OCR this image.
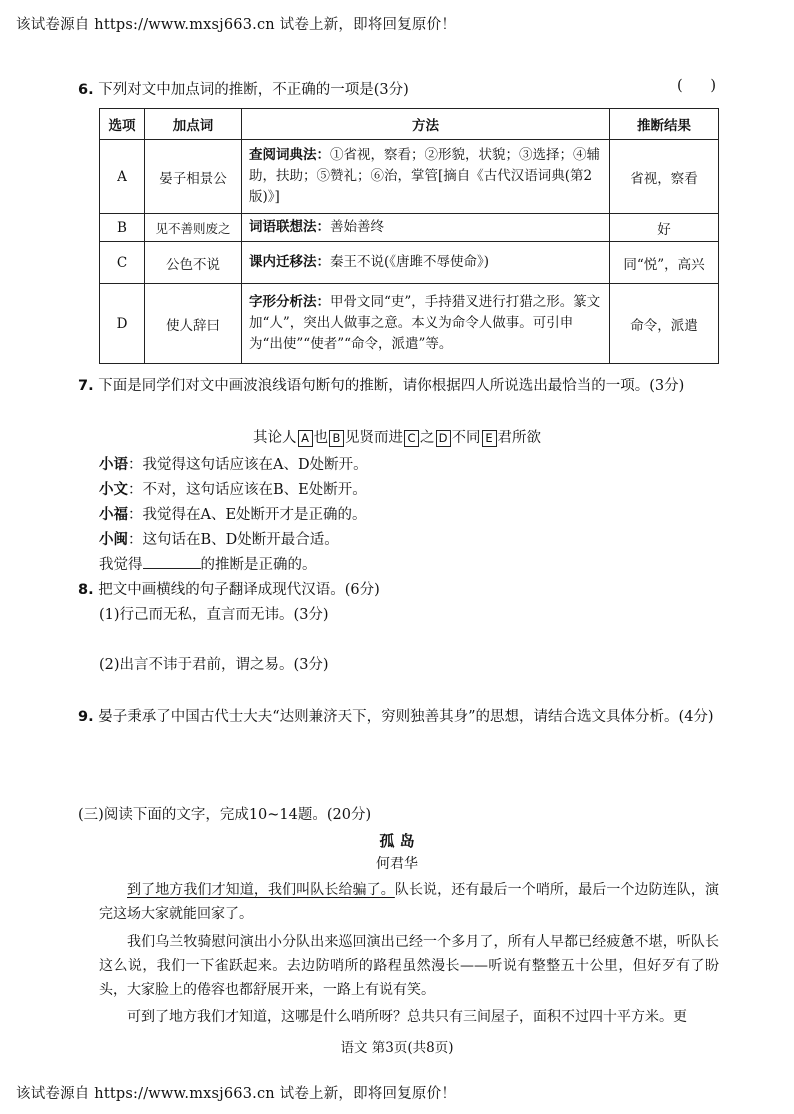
该试卷源自 https://www.mxsj663.cn 试卷上新，即将回复原价！
6. 下列对文中加点词的推断，不正确的一项是(3分)	(      )
选项	加点词	方法	推断结果
A	晏子相景公	查阅词典法：①省视，察看；②形貌，状貌；③选择；④辅助，扶助；⑤赞礼；⑥治，掌管[摘自《古代汉语词典(第2版)》]	省视，察看
B	见不善则废之	词语联想法：善始善终	好
C	公色不说	课内迁移法：秦王不说(《唐雎不辱使命》)	同“悦”，高兴
D	使人辞曰	字形分析法：甲骨文同“吏”，手持猎叉进行打猎之形。篆文加“人”，突出人做事之意。本义为命令人做事。可引申为“出使”“使者”“命令，派遣”等。	命令，派遣
7. 下面是同学们对文中画波浪线语句断句的推断，请你根据四人所说选出最恰当的一项。(3分)
其论人 A 也 B 见贤而进 C 之 D 不同 E 君所欲
小语：我觉得这句话应该在A、D处断开。
小文：不对，这句话应该在B、E处断开。
小福：我觉得在A、E处断开才是正确的。
小闽：这句话在B、D处断开最合适。
我觉得	的推断是正确的。
8. 把文中画横线的句子翻译成现代汉语。(6分)
(1)行己而无私，直言而无讳。(3分)
(2)出言不讳于君前，谓之易。(3分)
9. 晏子秉承了中国古代士大夫“达则兼济天下，穷则独善其身”的思想，请结合选文具体分析。(4分)
(三)阅读下面的文字，完成10~14题。(20分)
孤 岛
何君华
到了地方我们才知道，我们叫队长给骗了。队长说，还有最后一个哨所，最后一个边防连队，演完这场大家就能回家了。
我们乌兰牧骑慰问演出小分队出来巡回演出已经一个多月了，所有人早都已经疲惫不堪，听队长这么说，我们一下雀跃起来。去边防哨所的路程虽然漫长——听说有整整五十公里，但好歹有了盼头，大家脸上的倦容也都舒展开来，一路上有说有笑。
可到了地方我们才知道，这哪是什么哨所呀？总共只有三间屋子，面积不过四十平方米。更
语文 第3页(共8页)
该试卷源自 https://www.mxsj663.cn 试卷上新，即将回复原价！
